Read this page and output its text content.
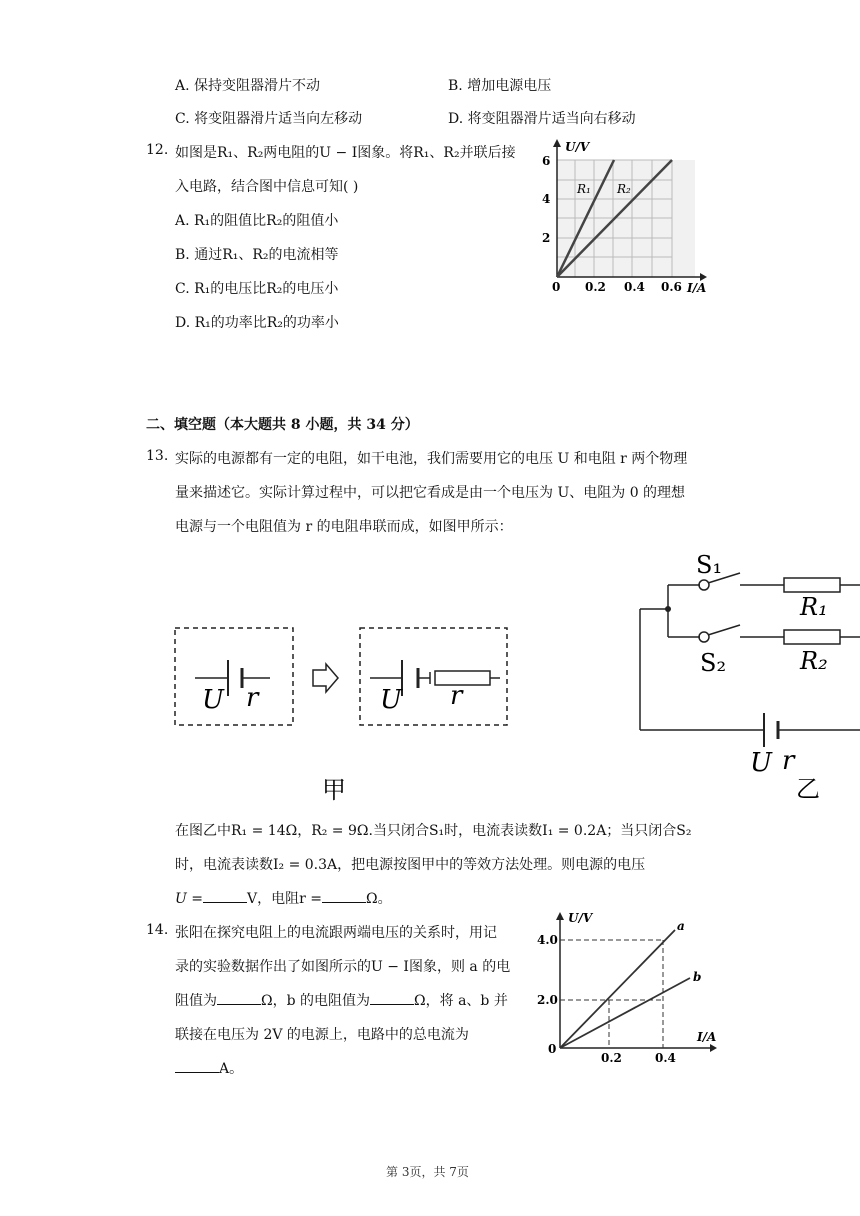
A. 保持变阻器滑片不动	B. 增加电源电压
C. 将变阻器滑片适当向左移动	D. 将变阻器滑片适当向右移动
12. 如图是R₁、R₂两电阻的U − I图象。将R₁、R₂并联后接
入电路，结合图中信息可知( )
A. R₁的阻值比R₂的阻值小
B. 通过R₁、R₂的电流相等
C. R₁的电压比R₂的电压小
D. R₁的功率比R₂的功率小
U/V
I/A
6
4
2
0 0.2 0.4 0.6
R₁ R₂
二、填空题（本大题共 8 小题，共 34 分）
13. 实际的电源都有一定的电阻，如干电池，我们需要用它的电压 U 和电阻 r 两个物理
量来描述它。实际计算过程中，可以把它看成是由一个电压为 U、电阻为 0 的理想
电源与一个电阻值为 r 的电阻串联而成，如图甲所示：
U r	U r
甲
S₁
S₂
R₁
R₂
U r
乙
在图乙中R₁ = 14Ω，R₂ = 9Ω.当只闭合S₁时，电流表读数I₁ = 0.2A；当只闭合S₂
时，电流表读数I₂ = 0.3A，把电源按图甲中的等效方法处理。则电源的电压
U =	V，电阻r =	Ω。
14. 张阳在探究电阻上的电流跟两端电压的关系时，用记
录的实验数据作出了如图所示的U − I图象，则 a 的电
阻值为	Ω，b 的电阻值为	Ω，将 a、b 并
联接在电压为 2V 的电源上，电路中的总电流为
A。
U/V
I/A
4.0
2.0
0
0.2	0.4
a
b
第 3页，共 7页
